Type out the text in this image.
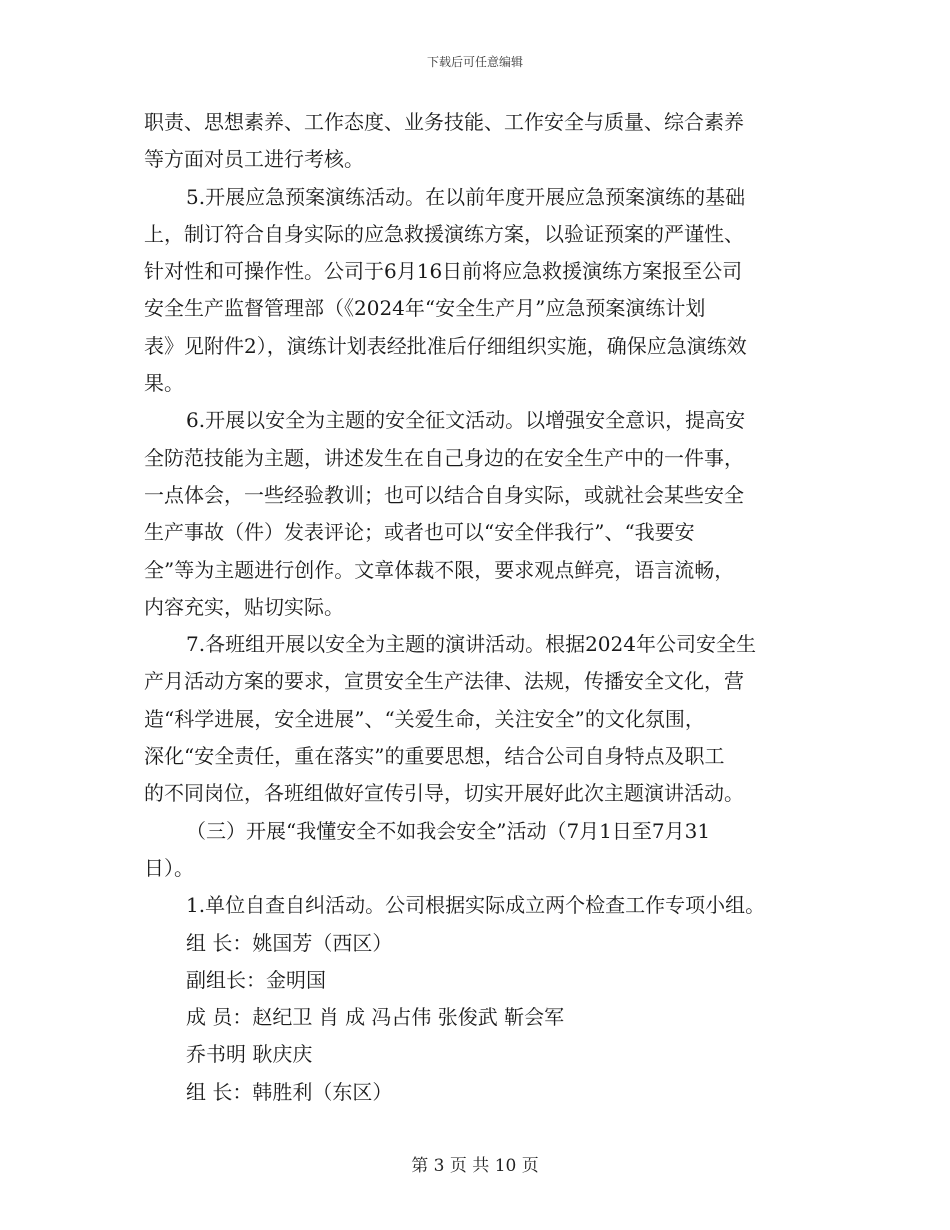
下载后可任意编辑
职责、思想素养、工作态度、业务技能、工作安全与质量、综合素养
等方面对员工进行考核。
5.开展应急预案演练活动。在以前年度开展应急预案演练的基础
上，制订符合自身实际的应急救援演练方案，以验证预案的严谨性、
针对性和可操作性。公司于6月16日前将应急救援演练方案报至公司
安全生产监督管理部（《2024年“安全生产月”应急预案演练计划
表》见附件2），演练计划表经批准后仔细组织实施，确保应急演练效
果。
6.开展以安全为主题的安全征文活动。以增强安全意识，提高安
全防范技能为主题，讲述发生在自己身边的在安全生产中的一件事，
一点体会，一些经验教训；也可以结合自身实际，或就社会某些安全
生产事故（件）发表评论；或者也可以“安全伴我行”、“我要安
全”等为主题进行创作。文章体裁不限，要求观点鲜亮，语言流畅，
内容充实，贴切实际。
7.各班组开展以安全为主题的演讲活动。根据2024年公司安全生
产月活动方案的要求，宣贯安全生产法律、法规，传播安全文化，营
造“科学进展，安全进展”、“关爱生命，关注安全”的文化氛围，
深化“安全责任，重在落实”的重要思想，结合公司自身特点及职工
的不同岗位，各班组做好宣传引导，切实开展好此次主题演讲活动。
（三）开展“我懂安全不如我会安全”活动（7月1日至7月31
日）。
1.单位自查自纠活动。公司根据实际成立两个检查工作专项小组。
组 长：姚国芳（西区）
副组长：金明国
成 员：赵纪卫 肖 成 冯占伟 张俊武 靳会军
乔书明 耿庆庆
组 长：韩胜利（东区）
第 3 页 共 10 页
